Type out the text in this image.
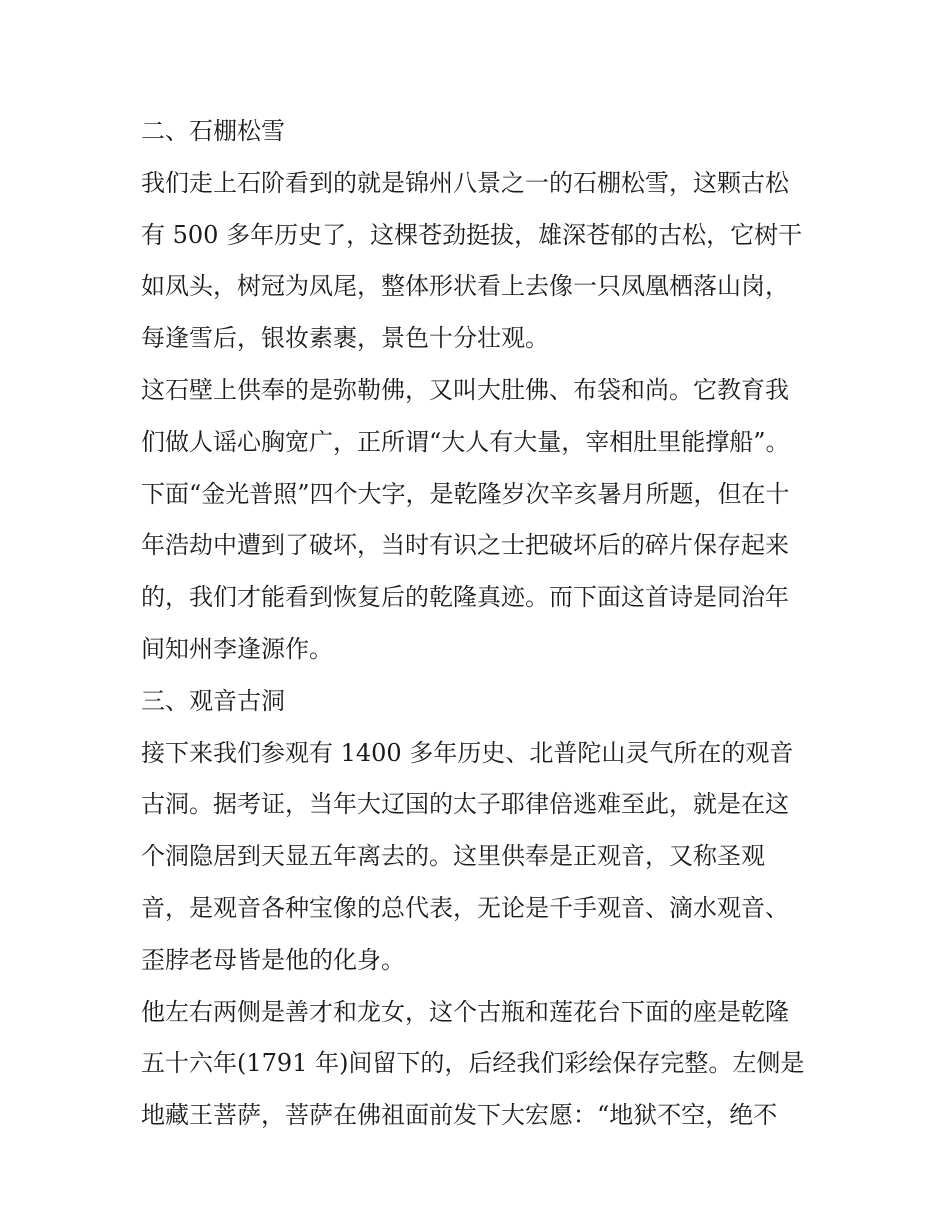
二、石棚松雪
我们走上石阶看到的就是锦州八景之一的石棚松雪，这颗古松
有 500 多年历史了，这棵苍劲挺拔，雄深苍郁的古松，它树干
如凤头，树冠为凤尾，整体形状看上去像一只凤凰栖落山岗，
每逢雪后，银妆素裹，景色十分壮观。
这石壁上供奉的是弥勒佛，又叫大肚佛、布袋和尚。它教育我
们做人谣心胸宽广，正所谓“大人有大量，宰相肚里能撑船”。
下面“金光普照”四个大字，是乾隆岁次辛亥暑月所题，但在十
年浩劫中遭到了破坏，当时有识之士把破坏后的碎片保存起来
的，我们才能看到恢复后的乾隆真迹。而下面这首诗是同治年
间知州李逢源作。
三、观音古洞
接下来我们参观有 1400 多年历史、北普陀山灵气所在的观音
古洞。据考证，当年大辽国的太子耶律倍逃难至此，就是在这
个洞隐居到天显五年离去的。这里供奉是正观音，又称圣观
音，是观音各种宝像的总代表，无论是千手观音、滴水观音、
歪脖老母皆是他的化身。
他左右两侧是善才和龙女，这个古瓶和莲花台下面的座是乾隆
五十六年(1791 年)间留下的，后经我们彩绘保存完整。左侧是
地藏王菩萨，菩萨在佛祖面前发下大宏愿：“地狱不空，绝不
